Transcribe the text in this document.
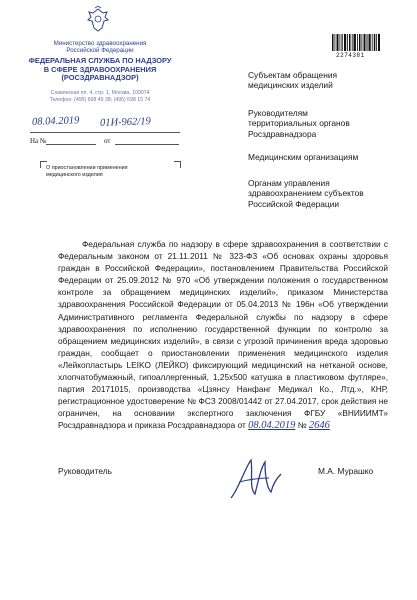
Министерство здравоохранения
Российской Федерации
ФЕДЕРАЛЬНАЯ СЛУЖБА ПО НАДЗОРУ
В СФЕРЕ ЗДРАВООХРАНЕНИЯ
(РОСЗДРАВНАДЗОР)
Славянская пл. 4, стр. 1, Москва, 109074
Телефон: (495) 698 45 38; (495) 698 15 74
08.04.2019 01И-962/19
На №	от
О приостановлении применения
медицинского изделия
2274381
Субъектам обращения
медицинских изделий
Руководителям
территориальных органов
Росздравнадзора
Медицинским организациям
Органам управления
здравоохранением субъектов
Российской Федерации
Федеральная служба по надзору в сфере здравоохранения в соответствии с Федеральным законом от 21.11.2011 № 323-ФЗ «Об основах охраны здоровья граждан в Российской Федерации», постановлением Правительства Российской Федерации от 25.09.2012 № 970 «Об утверждении положения о государственном контроле за обращением медицинских изделий», приказом Министерства здравоохранения Российской Федерации от 05.04.2013 № 196н «Об утверждении Административного регламента Федеральной службы по надзору в сфере здравоохранения по исполнению государственной функции по контролю за обращением медицинских изделий», в связи с угрозой причинения вреда здоровью граждан, сообщает о приостановлении применения медицинского изделия «Лейкопластырь LEIKO (ЛЕЙКО) фиксирующий медицинский на нетканой основе, хлопчатобумажный, гипоаллергенный, 1,25х500 катушка в пластиковом футляре», партия 20171015, производства «Цзянсу Нанфанг Медикал Ко., Лтд.», КНР, регистрационное удостоверение № ФСЗ 2008/01442 от 27.04.2017, срок действия не ограничен, на основании экспертного заключения ФГБУ «ВНИИИМТ» Росздравнадзора и приказа Росздравнадзора от 08.04.2019 № 2646
Руководитель	М.А. Мурашко
